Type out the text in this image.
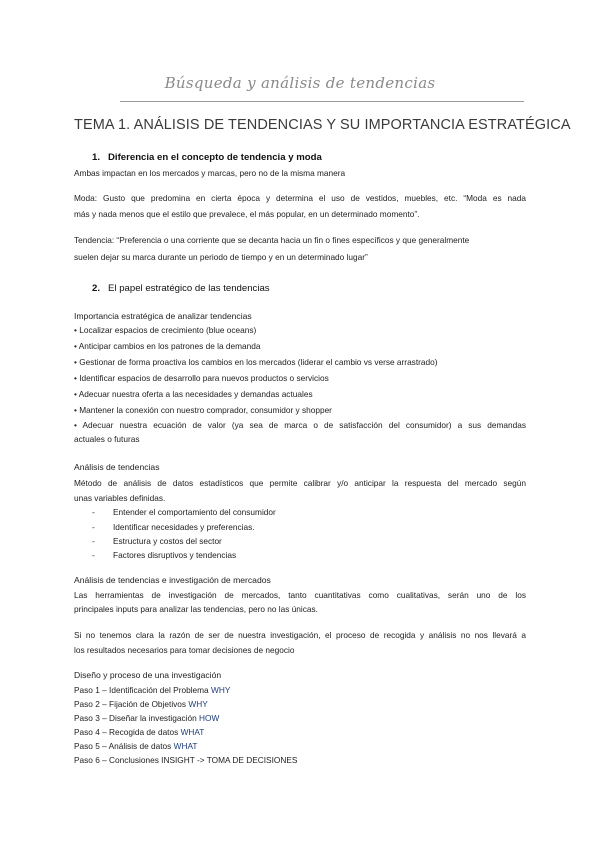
Búsqueda y análisis de tendencias
TEMA 1. ANÁLISIS DE TENDENCIAS Y SU IMPORTANCIA ESTRATÉGICA
1. Diferencia en el concepto de tendencia y moda
Ambas impactan en los mercados y marcas, pero no de la misma manera
Moda: Gusto que predomina en cierta época y determina el uso de vestidos, muebles, etc. “Moda es nada
más y nada menos que el estilo que prevalece, el más popular, en un determinado momento”.
Tendencia: “Preferencia o una corriente que se decanta hacia un fin o fines específicos y que generalmente
suelen dejar su marca durante un periodo de tiempo y en un determinado lugar”
2. El papel estratégico de las tendencias
Importancia estratégica de analizar tendencias
• Localizar espacios de crecimiento (blue oceans)
• Anticipar cambios en los patrones de la demanda
• Gestionar de forma proactiva los cambios en los mercados (liderar el cambio vs verse arrastrado)
• Identificar espacios de desarrollo para nuevos productos o servicios
• Adecuar nuestra oferta a las necesidades y demandas actuales
• Mantener la conexión con nuestro comprador, consumidor y shopper
• Adecuar nuestra ecuación de valor (ya sea de marca o de satisfacción del consumidor) a sus demandas
actuales o futuras
Análisis de tendencias
Método de análisis de datos estadísticos que permite calibrar y/o anticipar la respuesta del mercado según
unas variables definidas.
- Entender el comportamiento del consumidor
- Identificar necesidades y preferencias.
- Estructura y costos del sector
- Factores disruptivos y tendencias
Análisis de tendencias e investigación de mercados
Las herramientas de investigación de mercados, tanto cuantitativas como cualitativas, serán uno de los
principales inputs para analizar las tendencias, pero no las únicas.
Si no tenemos clara la razón de ser de nuestra investigación, el proceso de recogida y análisis no nos llevará a
los resultados necesarios para tomar decisiones de negocio
Diseño y proceso de una investigación
Paso 1 – Identificación del Problema WHY
Paso 2 – Fijación de Objetivos WHY
Paso 3 – Diseñar la investigación HOW
Paso 4 – Recogida de datos WHAT
Paso 5 – Análisis de datos WHAT
Paso 6 – Conclusiones INSIGHT -> TOMA DE DECISIONES
